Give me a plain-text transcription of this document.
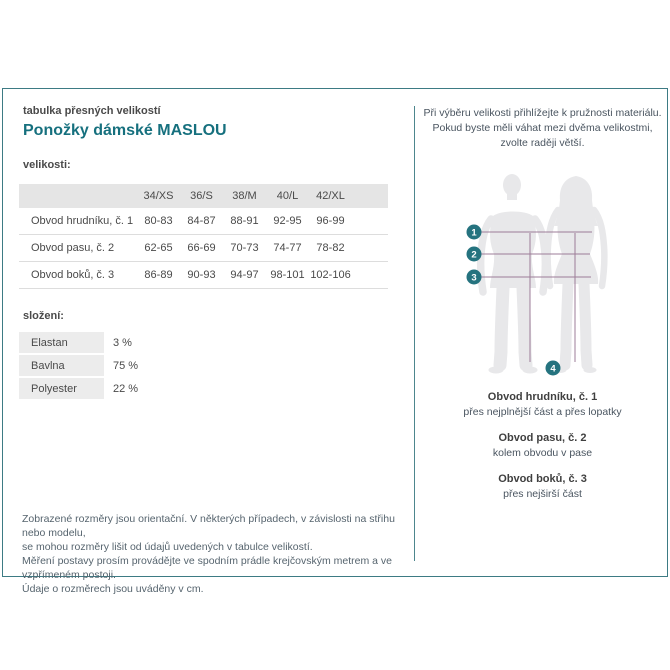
tabulka přesných velikostí
Ponožky dámské MASLOU
velikosti:
34/XS	36/S	38/M	40/L	42/XL
Obvod hrudníku, č. 1	80-83	84-87	88-91	92-95	96-99
Obvod pasu, č. 2	62-65	66-69	70-73	74-77	78-82
Obvod boků, č. 3	86-89	90-93	94-97	98-101 102-106
složení:
Elastan	3 %
Bavlna	75 %
Polyester	22 %
Zobrazené rozměry jsou orientační. V některých případech, v závislosti na střihu nebo modelu,
se mohou rozměry lišit od údajů uvedených v tabulce velikostí.
Měření postavy prosím provádějte ve spodním prádle krejčovským metrem a ve vzpřímeném postoji.
Údaje o rozměrech jsou uváděny v cm.
Při výběru velikosti přihlížejte k pružnosti materiálu.
Pokud byste měli váhat mezi dvěma velikostmi,
zvolte raději větší.
1
2
3
4
Obvod hrudníku, č. 1
přes nejplnější část a přes lopatky
Obvod pasu, č. 2
kolem obvodu v pase
Obvod boků, č. 3
přes nejširší část
